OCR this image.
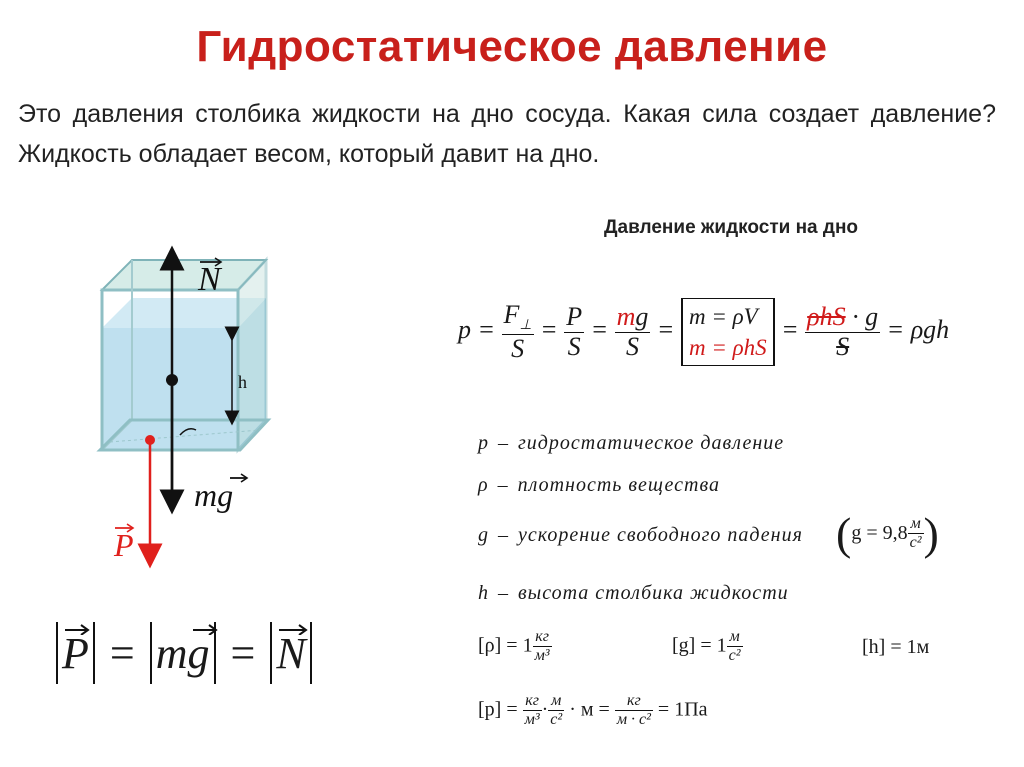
Гидростатическое давление
Это давления столбика жидкости на дно сосуда. Какая сила создает давление? Жидкость обладает весом, который давит на дно.
Давление жидкости на дно
N
h
mg
P
$p = \frac{F_\perp}{S} = \frac{P}{S} = \frac{mg}{S} = m = \rho V$
m = ρhS
= $\frac{\text{ρhS · g}}{S} = \rho gh$
p – гидростатическое давление
ρ – плотность вещества
g – ускорение свободного падения ($g = 9,8 \frac{м}{\text{c²}}$ )
h – высота столбика жидкости
$[\rho] = 1 \frac{кг}{\text{м³}}$	$[g] = 1 \frac{м}{\text{c²}}$	[h] = 1м
$[p] = \frac{кг}{\text{м³}} \cdot \frac{м}{\text{c²}} \cdot м = \frac{кг}{\text{м · c²}} = 1Па$
P = mg = N
